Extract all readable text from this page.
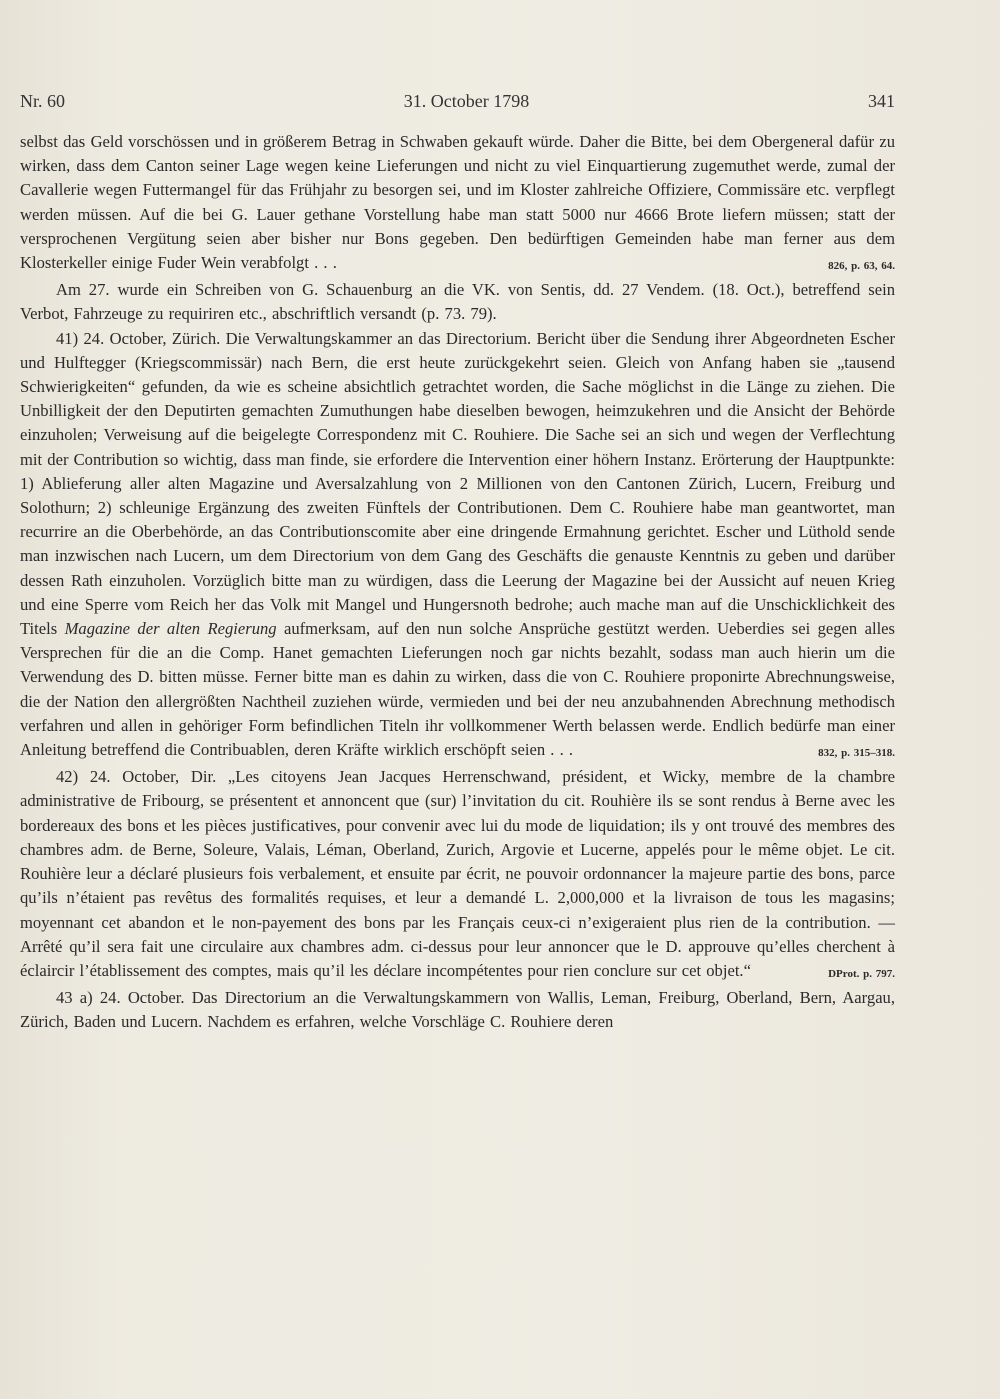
Nr. 60	31. October 1798	341

selbst das Geld vorschössen und in größerem Betrag in Schwaben gekauft würde. Daher die Bitte, bei dem Obergeneral dafür zu wirken, dass dem Canton seiner Lage wegen keine Lieferungen und nicht zu viel Einquartierung zugemuthet werde, zumal der Cavallerie wegen Futtermangel für das Frühjahr zu besorgen sei, und im Kloster zahlreiche Offiziere, Commissäre etc. verpflegt werden müssen. Auf die bei G. Lauer gethane Vorstellung habe man statt 5000 nur 4666 Brote liefern müssen; statt der versprochenen Vergütung seien aber bisher nur Bons gegeben. Den bedürftigen Gemeinden habe man ferner aus dem Klosterkeller einige Fuder Wein verabfolgt . . .	826, p. 63, 64.

Am 27. wurde ein Schreiben von G. Schauenburg an die VK. von Sentis, dd. 27 Vendem. (18. Oct.), betreffend sein Verbot, Fahrzeuge zu requiriren etc., abschriftlich versandt (p. 73. 79).

41) 24. October, Zürich. Die Verwaltungskammer an das Directorium. Bericht über die Sendung ihrer Abgeordneten Escher und Hulftegger (Kriegscommissär) nach Bern, die erst heute zurückgekehrt seien. Gleich von Anfang haben sie „tausend Schwierigkeiten“ gefunden, da wie es scheine absichtlich getrachtet worden, die Sache möglichst in die Länge zu ziehen. Die Unbilligkeit der den Deputirten gemachten Zumuthungen habe dieselben bewogen, heimzukehren und die Ansicht der Behörde einzuholen; Verweisung auf die beigelegte Correspondenz mit C. Rouhiere. Die Sache sei an sich und wegen der Verflechtung mit der Contribution so wichtig, dass man finde, sie erfordere die Intervention einer höhern Instanz. Erörterung der Hauptpunkte: 1) Ablieferung aller alten Magazine und Aversalzahlung von 2 Millionen von den Cantonen Zürich, Lucern, Freiburg und Solothurn; 2) schleunige Ergänzung des zweiten Fünftels der Contributionen. Dem C. Rouhiere habe man geantwortet, man recurrire an die Oberbehörde, an das Contributionscomite aber eine dringende Ermahnung gerichtet. Escher und Lüthold sende man inzwischen nach Lucern, um dem Directorium von dem Gang des Geschäfts die genauste Kenntnis zu geben und darüber dessen Rath einzuholen. Vorzüglich bitte man zu würdigen, dass die Leerung der Magazine bei der Aussicht auf neuen Krieg und eine Sperre vom Reich her das Volk mit Mangel und Hungersnoth bedrohe; auch mache man auf die Unschicklichkeit des Titels Magazine der alten Regierung aufmerksam, auf den nun solche Ansprüche gestützt werden. Ueberdies sei gegen alles Versprechen für die an die Comp. Hanet gemachten Lieferungen noch gar nichts bezahlt, sodass man auch hierin um die Verwendung des D. bitten müsse. Ferner bitte man es dahin zu wirken, dass die von C. Rouhiere proponirte Abrechnungsweise, die der Nation den allergrößten Nachtheil zuziehen würde, vermieden und bei der neu anzubahnenden Abrechnung methodisch verfahren und allen in gehöriger Form befindlichen Titeln ihr vollkommener Werth belassen werde. Endlich bedürfe man einer Anleitung betreffend die Contribuablen, deren Kräfte wirklich erschöpft seien . . .	832, p. 315–318.

42) 24. October, Dir. „Les citoyens Jean Jacques Herrenschwand, président, et Wicky, membre de la chambre administrative de Fribourg, se présentent et annoncent que (sur) l’invitation du cit. Rouhière ils se sont rendus à Berne avec les bordereaux des bons et les pièces justificatives, pour convenir avec lui du mode de liquidation; ils y ont trouvé des membres des chambres adm. de Berne, Soleure, Valais, Léman, Oberland, Zurich, Argovie et Lucerne, appelés pour le même objet. Le cit. Rouhière leur a déclaré plusieurs fois verbalement, et ensuite par écrit, ne pouvoir ordonnancer la majeure partie des bons, parce qu’ils n’étaient pas revêtus des formalités requises, et leur a demandé L. 2,000,000 et la livraison de tous les magasins; moyennant cet abandon et le non-payement des bons par les Français ceux-ci n’exigeraient plus rien de la contribution. — Arrêté qu’il sera fait une circulaire aux chambres adm. ci-dessus pour leur annoncer que le D. approuve qu’elles cherchent à éclaircir l’établissement des comptes, mais qu’il les déclare incompétentes pour rien conclure sur cet objet.“	DProt. p. 797.

43 a) 24. October. Das Directorium an die Verwaltungskammern von Wallis, Leman, Freiburg, Oberland, Bern, Aargau, Zürich, Baden und Lucern. Nachdem es erfahren, welche Vorschläge C. Rouhiere deren
